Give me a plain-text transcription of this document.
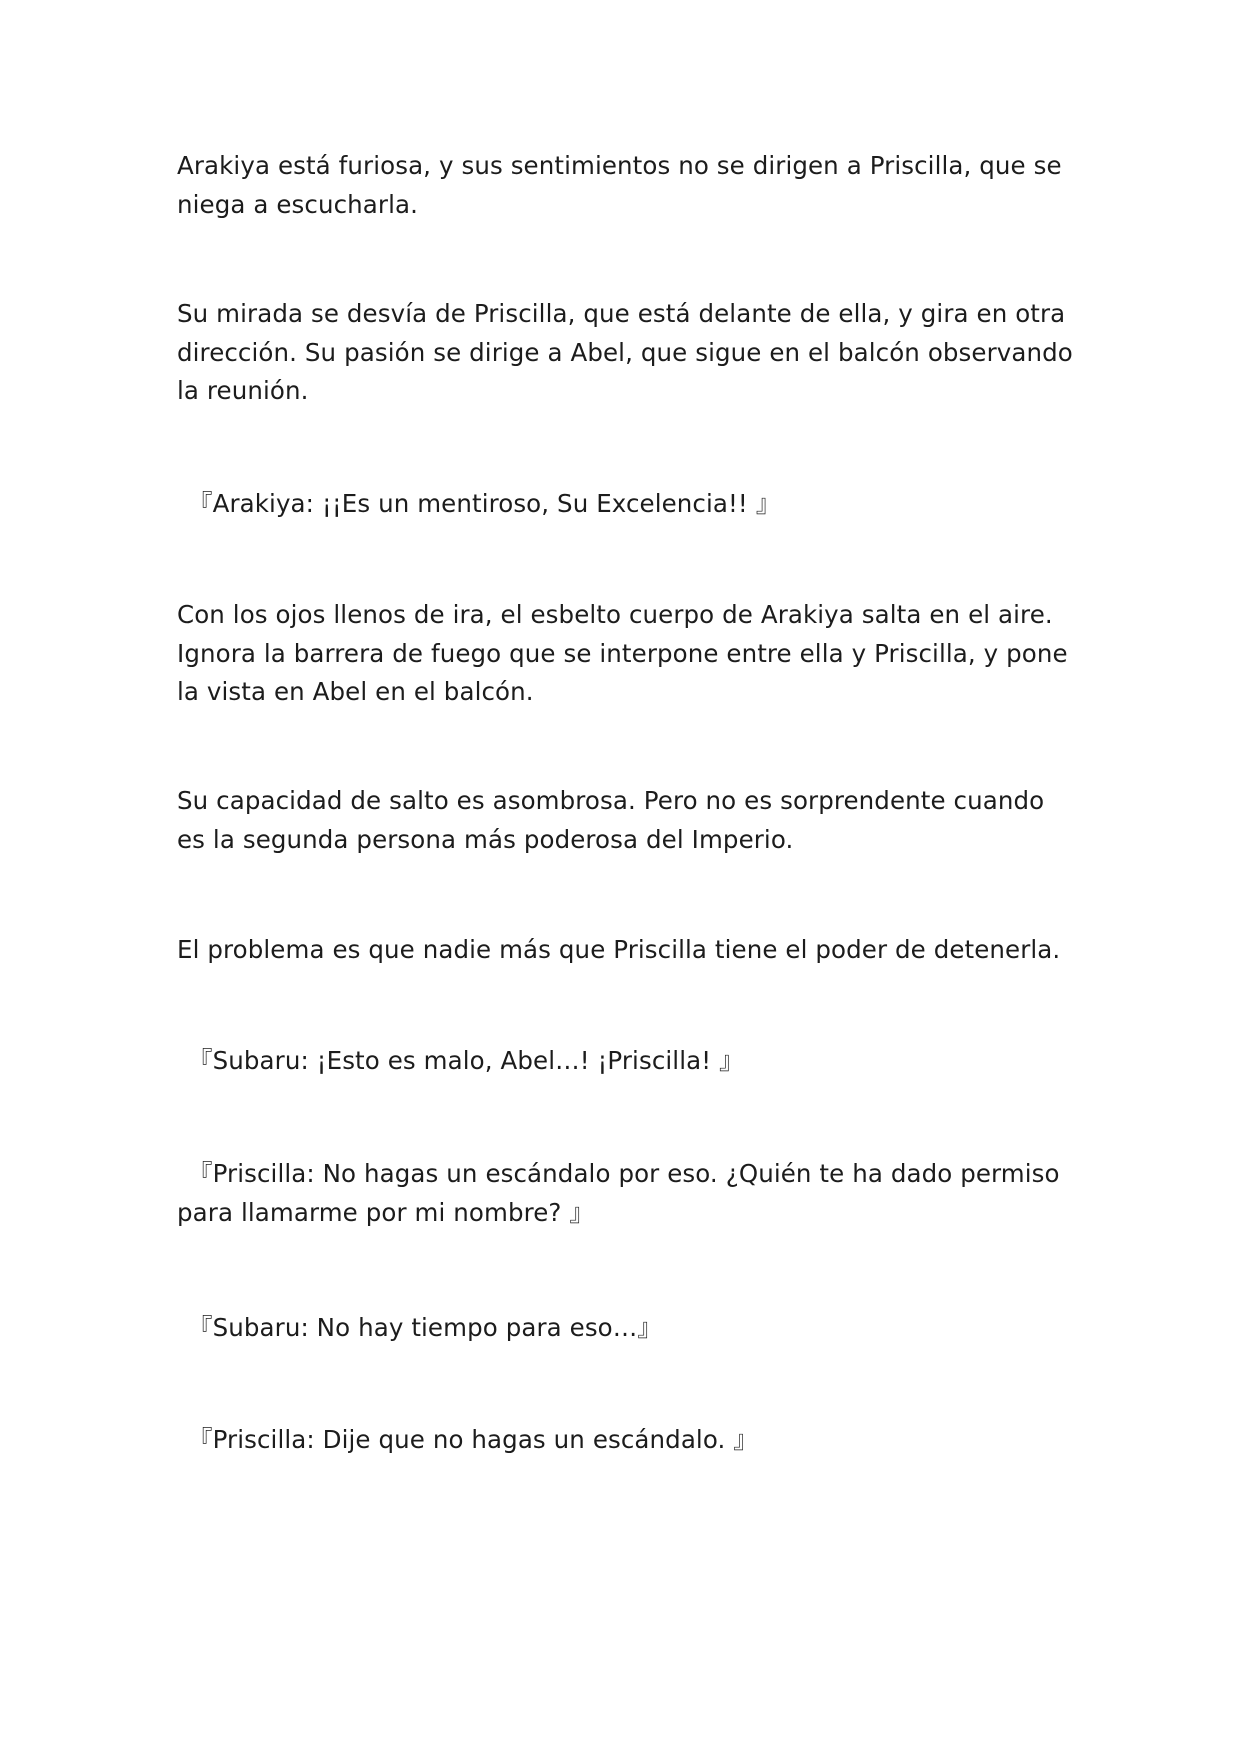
Arakiya está furiosa, y sus sentimientos no se dirigen a Priscilla, que se niega a escucharla.

Su mirada se desvía de Priscilla, que está delante de ella, y gira en otra dirección. Su pasión se dirige a Abel, que sigue en el balcón observando la reunión.

『Arakiya: ¡¡Es un mentiroso, Su Excelencia!! 』

Con los ojos llenos de ira, el esbelto cuerpo de Arakiya salta en el aire. Ignora la barrera de fuego que se interpone entre ella y Priscilla, y pone la vista en Abel en el balcón.

Su capacidad de salto es asombrosa. Pero no es sorprendente cuando es la segunda persona más poderosa del Imperio.

El problema es que nadie más que Priscilla tiene el poder de detenerla.

『Subaru: ¡Esto es malo, Abel…! ¡Priscilla! 』

『Priscilla: No hagas un escándalo por eso. ¿Quién te ha dado permiso para llamarme por mi nombre? 』

『Subaru: No hay tiempo para eso…』

『Priscilla: Dije que no hagas un escándalo. 』
